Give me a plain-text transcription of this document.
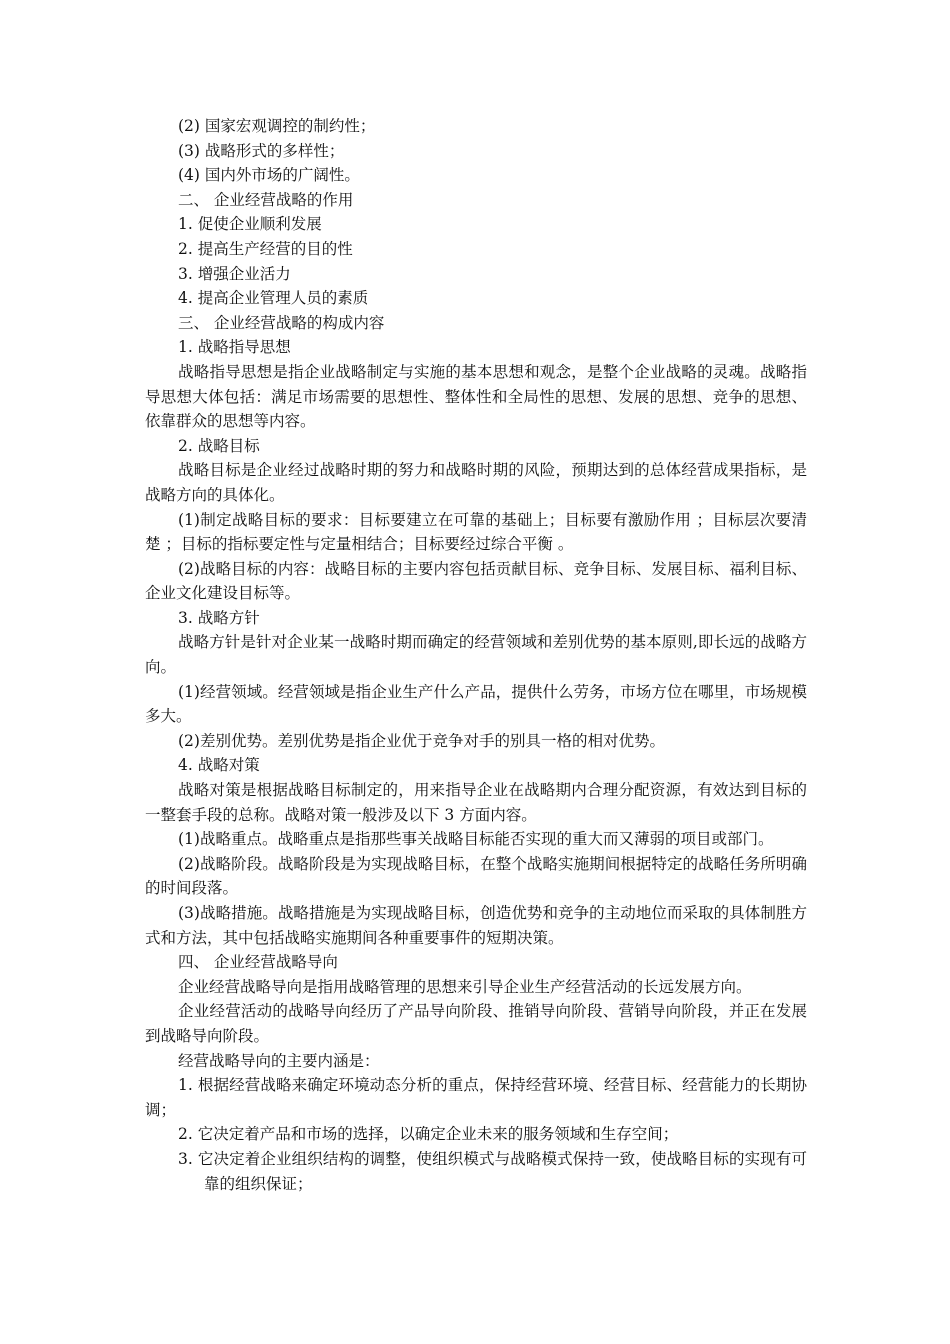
(2) 国家宏观调控的制约性；

(3) 战略形式的多样性；

(4) 国内外市场的广阔性。

二、 企业经营战略的作用

1. 促使企业顺利发展

2. 提高生产经营的目的性

3. 增强企业活力

4. 提高企业管理人员的素质

三、 企业经营战略的构成内容

1. 战略指导思想

战略指导思想是指企业战略制定与实施的基本思想和观念，是整个企业战略的灵魂。战略指导思想大体包括：满足市场需要的思想性、整体性和全局性的思想、发展的思想、竞争的思想、依靠群众的思想等内容。

2. 战略目标

战略目标是企业经过战略时期的努力和战略时期的风险，预期达到的总体经营成果指标，是战略方向的具体化。

(1)制定战略目标的要求：目标要建立在可靠的基础上；目标要有激励作用 ；目标层次要清楚 ；目标的指标要定性与定量相结合；目标要经过综合平衡 。

(2)战略目标的内容：战略目标的主要内容包括贡献目标、竞争目标、发展目标、福利目标、企业文化建设目标等。

3. 战略方针

战略方针是针对企业某一战略时期而确定的经营领域和差别优势的基本原则,即长远的战略方向。

(1)经营领域。经营领域是指企业生产什么产品，提供什么劳务，市场方位在哪里，市场规模多大。

(2)差别优势。差别优势是指企业优于竞争对手的别具一格的相对优势。

4. 战略对策

战略对策是根据战略目标制定的，用来指导企业在战略期内合理分配资源，有效达到目标的一整套手段的总称。战略对策一般涉及以下 3 方面内容。

(1)战略重点。战略重点是指那些事关战略目标能否实现的重大而又薄弱的项目或部门。

(2)战略阶段。战略阶段是为实现战略目标，在整个战略实施期间根据特定的战略任务所明确的时间段落。

(3)战略措施。战略措施是为实现战略目标，创造优势和竞争的主动地位而采取的具体制胜方式和方法，其中包括战略实施期间各种重要事件的短期决策。

四、 企业经营战略导向

企业经营战略导向是指用战略管理的思想来引导企业生产经营活动的长远发展方向。

企业经营活动的战略导向经历了产品导向阶段、推销导向阶段、营销导向阶段，并正在发展到战略导向阶段。

经营战略导向的主要内涵是：

1. 根据经营战略来确定环境动态分析的重点，保持经营环境、经营目标、经营能力的长期协调；

2. 它决定着产品和市场的选择，以确定企业未来的服务领域和生存空间；

3. 它决定着企业组织结构的调整，使组织模式与战略模式保持一致，使战略目标的实现有可靠的组织保证；
